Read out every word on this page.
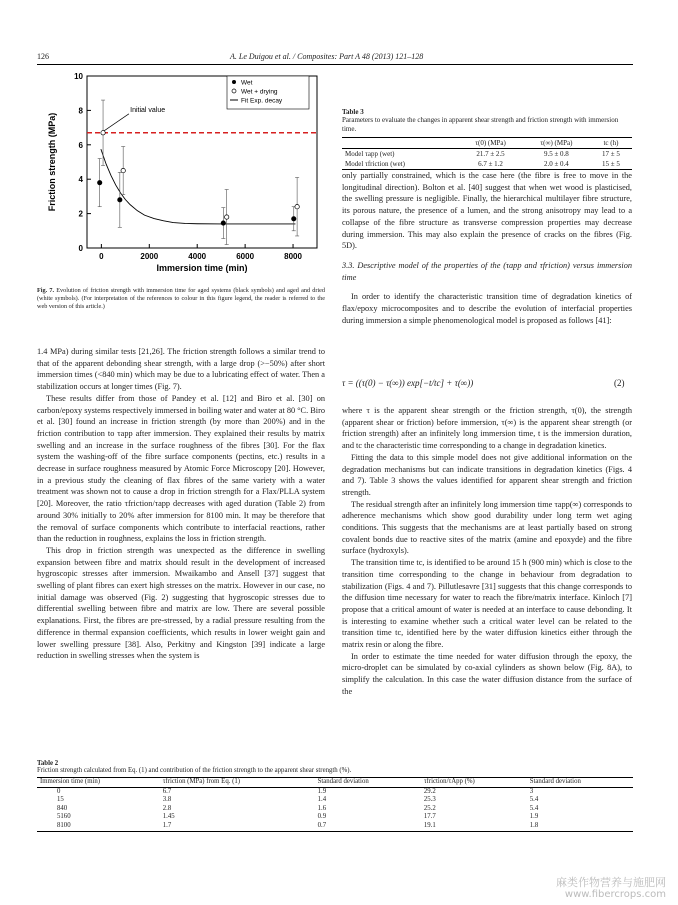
126	A. Le Duigou et al. / Composites: Part A 48 (2013) 121–128
0	2000	4000	6000	8000
0
2
4
6
8
10
Immersion time (min)
Friction strength (MPa)
Initial value
Wet
Wet + drying
Fit Exp. decay
Fig. 7. Evolution of friction strength with immersion time for aged systems (black symbols) and aged and dried (white symbols). (For interpretation of the references to colour in this figure legend, the reader is referred to the web version of this article.)

1.4 MPa) during similar tests [21,26]. The friction strength follows a similar trend to that of the apparent debonding shear strength, with a large drop (>−50%) after short immersion times (<840 min) which may be due to a lubricating effect of water. Then a stabilization occurs at longer times (Fig. 7).

These results differ from those of Pandey et al. [12] and Biro et al. [30] on carbon/epoxy systems respectively immersed in boiling water and water at 80 °C. Biro et al. [30] found an increase in friction strength (by more than 200%) and in the friction contribution to τapp after immersion. They explained their results by matrix swelling and an increase in the surface roughness of the fibres [30]. For the flax system the washing-off of the fibre surface components (pectins, etc.) results in a decrease in surface roughness measured by Atomic Force Microscopy [20]. However, in a previous study the cleaning of flax fibres of the same variety with a water treatment was shown not to cause a drop in friction strength for a Flax/PLLA system [20]. Moreover, the ratio τfriction/τapp decreases with aged duration (Table 2) from around 30% initially to 20% after immersion for 8100 min. It may be therefore that the removal of surface components which contribute to interfacial reactions, rather than the reduction in roughness, explains the loss in friction strength.

This drop in friction strength was unexpected as the difference in swelling expansion between fibre and matrix should result in the development of increased hygroscopic stresses after immersion. Mwaikambo and Ansell [37] suggest that swelling of plant fibres can exert high stresses on the matrix. However in our case, no initial damage was observed (Fig. 2) suggesting that hygroscopic stresses due to differential swelling between fibre and matrix are low. There are several possible explanations. First, the fibres are pre-stressed, by a radial pressure resulting from the difference in thermal expansion coefficients, which results in lower weight gain and lower swelling pressure [38]. Also, Perkitny and Kingston [39] indicate a large reduction in swelling stresses when the system is

Table 3
Parameters to evaluate the changes in apparent shear strength and friction strength with immersion time.
	τ(0) (MPa)	τ(∞) (MPa)	tc (h)
Model τapp (wet)	21.7 ± 2.5	9.5 ± 0.8	17 ± 5
Model τfriction (wet)	6.7 ± 1.2	2.0 ± 0.4	15 ± 5

only partially constrained, which is the case here (the fibre is free to move in the longitudinal direction). Bolton et al. [40] suggest that when wet wood is plasticised, the swelling pressure is negligible. Finally, the hierarchical multilayer fibre structure, its porous nature, the presence of a lumen, and the strong anisotropy may lead to a collapse of the fibre structure as transverse compression properties may decrease during immersion. This may also explain the presence of cracks on the fibres (Fig. 5D).

3.3. Descriptive model of the properties of the (τapp and τfriction) versus immersion time

In order to identify the characteristic transition time of degradation kinetics of flax/epoxy microcomposites and to describe the evolution of interfacial properties during immersion a simple phenomenological model is proposed as follows [41]:

τ = ((τ(0) − τ(∞)) exp[−t/tc] + τ(∞))	(2)

where τ is the apparent shear strength or the friction strength, τ(0), the strength (apparent shear or friction) before immersion, τ(∞) is the apparent shear strength (or friction strength) after an infinitely long immersion time, t is the immersion duration, and tc the characteristic time corresponding to a change in degradation kinetics.

Fitting the data to this simple model does not give additional information on the degradation mechanisms but can indicate transitions in degradation kinetics (Figs. 4 and 7). Table 3 shows the values identified for apparent shear strength and friction strength.

The residual strength after an infinitely long immersion time τapp(∞) corresponds to adherence mechanisms which show good durability under long term wet aging conditions. This suggests that the mechanisms are at least partially based on strong covalent bonds due to reactive sites of the matrix (amine and epoxyde) and the fibre surface (hydroxyls).

The transition time tc, is identified to be around 15 h (900 min) which is close to the transition time corresponding to the change in behaviour from degradation to stabilization (Figs. 4 and 7). Pillutlesavre [31] suggests that this change corresponds to the diffusion time necessary for water to reach the fibre/matrix interface. Kinloch [7] propose that a critical amount of water is needed at an interface to cause debonding. It is interesting to examine whether such a critical water level can be related to the transition time tc, identified here by the water diffusion kinetics either through the matrix resin or along the fibre.

In order to estimate the time needed for water diffusion through the epoxy, the micro-droplet can be simulated by co-axial cylinders as shown below (Fig. 8A), to simplify the calculation. In this case the water diffusion distance from the surface of the

Table 2
Friction strength calculated from Eq. (1) and contribution of the friction strength to the apparent shear strength (%).
Immersion time (min)	τfriction (MPa) from Eq. (1)	Standard deviation	τfriction/τApp (%)	Standard deviation
0	6.7	1.9	29.2	3
15	3.8	1.4	25.3	5.4
840	2.8	1.6	25.2	5.4
5160	1.45	0.9	17.7	1.9
8100	1.7	0.7	19.1	1.8
麻类作物营养与施肥网
www.fibercrops.com
